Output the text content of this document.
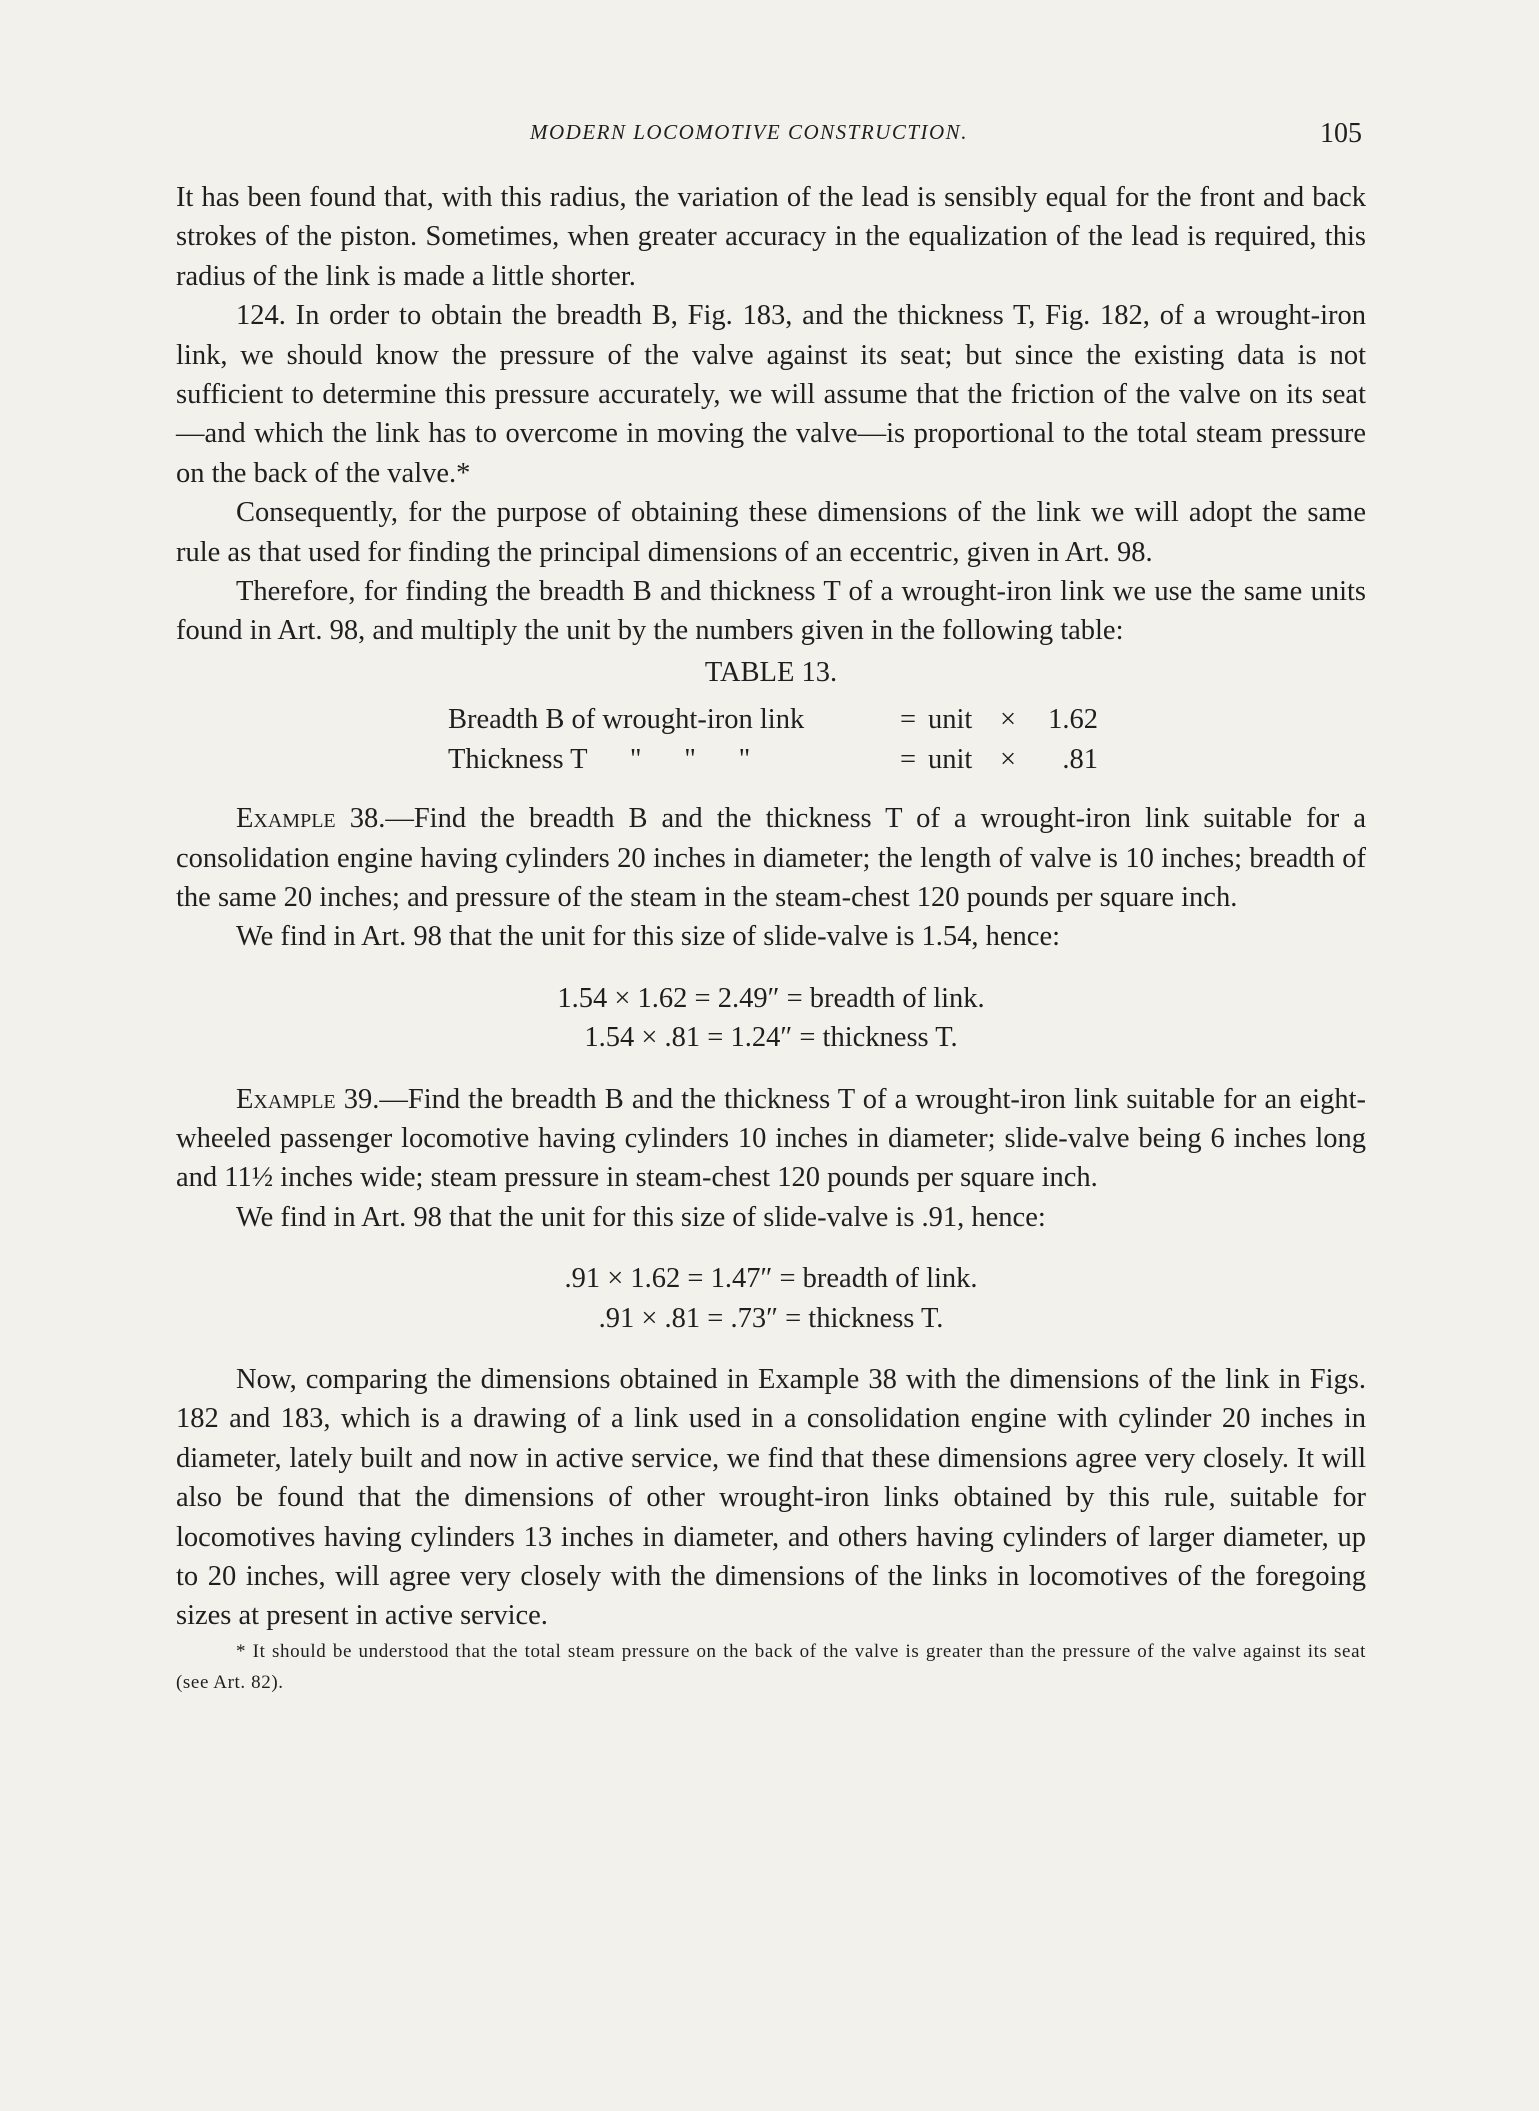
MODERN LOCOMOTIVE CONSTRUCTION.	105

It has been found that, with this radius, the variation of the lead is sensibly equal for the front and back strokes of the piston. Sometimes, when greater accuracy in the equalization of the lead is required, this radius of the link is made a little shorter.

124. In order to obtain the breadth B, Fig. 183, and the thickness T, Fig. 182, of a wrought-iron link, we should know the pressure of the valve against its seat; but since the existing data is not sufficient to determine this pressure accurately, we will assume that the friction of the valve on its seat—and which the link has to overcome in moving the valve—is proportional to the total steam pressure on the back of the valve.*

Consequently, for the purpose of obtaining these dimensions of the link we will adopt the same rule as that used for finding the principal dimensions of an eccentric, given in Art. 98.

Therefore, for finding the breadth B and thickness T of a wrought-iron link we use the same units found in Art. 98, and multiply the unit by the numbers given in the following table:

TABLE 13.
Breadth B of wrought-iron link	=	unit	×	1.62
Thickness T      "      "      "	=	unit	×	.81

Example 38.—Find the breadth B and the thickness T of a wrought-iron link suitable for a consolidation engine having cylinders 20 inches in diameter; the length of valve is 10 inches; breadth of the same 20 inches; and pressure of the steam in the steam-chest 120 pounds per square inch.

We find in Art. 98 that the unit for this size of slide-valve is 1.54, hence:

1.54 × 1.62 = 2.49″ = breadth of link.
1.54 × .81 = 1.24″ = thickness T.

Example 39.—Find the breadth B and the thickness T of a wrought-iron link suitable for an eight-wheeled passenger locomotive having cylinders 10 inches in diameter; slide-valve being 6 inches long and 11½ inches wide; steam pressure in steam-chest 120 pounds per square inch.

We find in Art. 98 that the unit for this size of slide-valve is .91, hence:

.91 × 1.62 = 1.47″ = breadth of link.
.91 × .81 = .73″ = thickness T.

Now, comparing the dimensions obtained in Example 38 with the dimensions of the link in Figs. 182 and 183, which is a drawing of a link used in a consolidation engine with cylinder 20 inches in diameter, lately built and now in active service, we find that these dimensions agree very closely. It will also be found that the dimensions of other wrought-iron links obtained by this rule, suitable for locomotives having cylinders 13 inches in diameter, and others having cylinders of larger diameter, up to 20 inches, will agree very closely with the dimensions of the links in locomotives of the foregoing sizes at present in active service.

* It should be understood that the total steam pressure on the back of the valve is greater than the pressure of the valve against its seat (see Art. 82).
